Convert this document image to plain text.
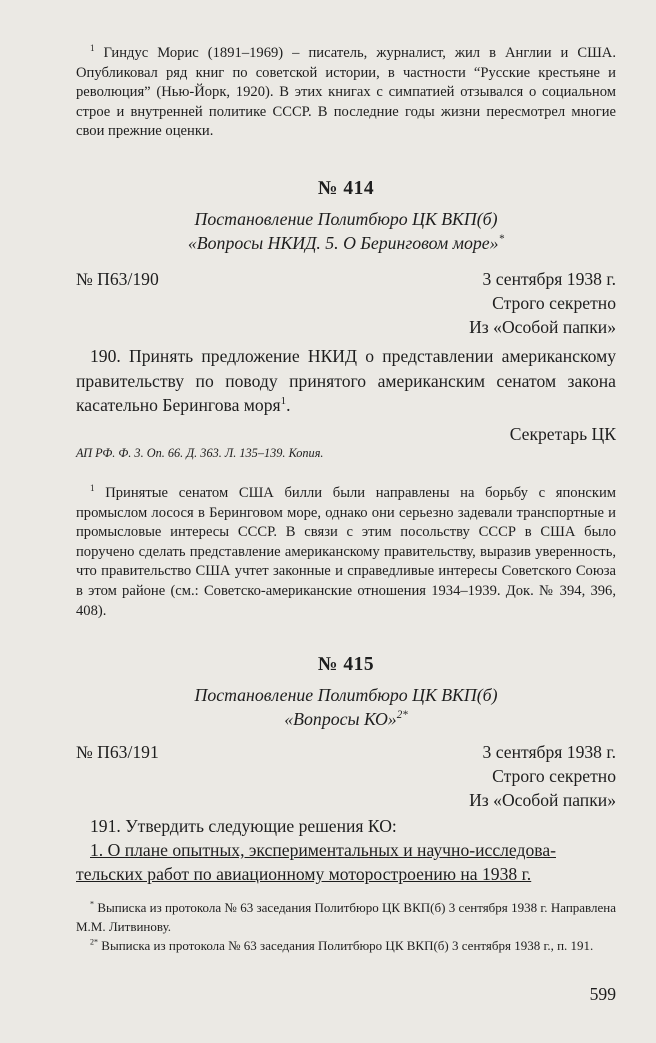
$^1$ Гиндус Морис (1891–1969) – писатель, журналист, жил в Англии и США. Опубликовал ряд книг по советской истории, в частности “Русские крестьяне и революция” (Нью-Йорк, 1920). В этих книгах с симпатией отзывался о социальном строе и внутренней политике СССР. В последние годы жизни пересмотрел многие свои прежние оценки.
№ 414
Постановление Политбюро ЦК ВКП(б)
«Вопросы НКИД. 5. О Беринговом море»*
№ П63/190	3 сентября 1938 г.
Строго секретно
Из «Особой папки»
190. Принять предложение НКИД о представлении американскому правительству по поводу принятого американским сенатом закона касательно Берингова моря$^1$.
Секретарь ЦК
АП РФ. Ф. 3. Оп. 66. Д. 363. Л. 135–139. Копия.
$^1$ Принятые сенатом США билли были направлены на борьбу с японским промыслом лосося в Беринговом море, однако они серьезно задевали транспортные и промысловые интересы СССР. В связи с этим посольству СССР в США было поручено сделать представление американскому правительству, выразив уверенность, что правительство США учтет законные и справедливые интересы Советского Союза в этом районе (см.: Советско-американские отношения 1934–1939. Док. № 394, 396, 408).
№ 415
Постановление Политбюро ЦК ВКП(б)
«Вопросы КО»$^{2*}$
№ П63/191	3 сентября 1938 г.
Строго секретно
Из «Особой папки»
191. Утвердить следующие решения КО:
1. О плане опытных, экспериментальных и научно-исследова-
тельских работ по авиационному моторостроению на 1938 г.
* Выписка из протокола № 63 заседания Политбюро ЦК ВКП(б) 3 сентября 1938 г. Направлена М.М. Литвинову.
$^{2*}$ Выписка из протокола № 63 заседания Политбюро ЦК ВКП(б) 3 сентября 1938 г., п. 191.
599
